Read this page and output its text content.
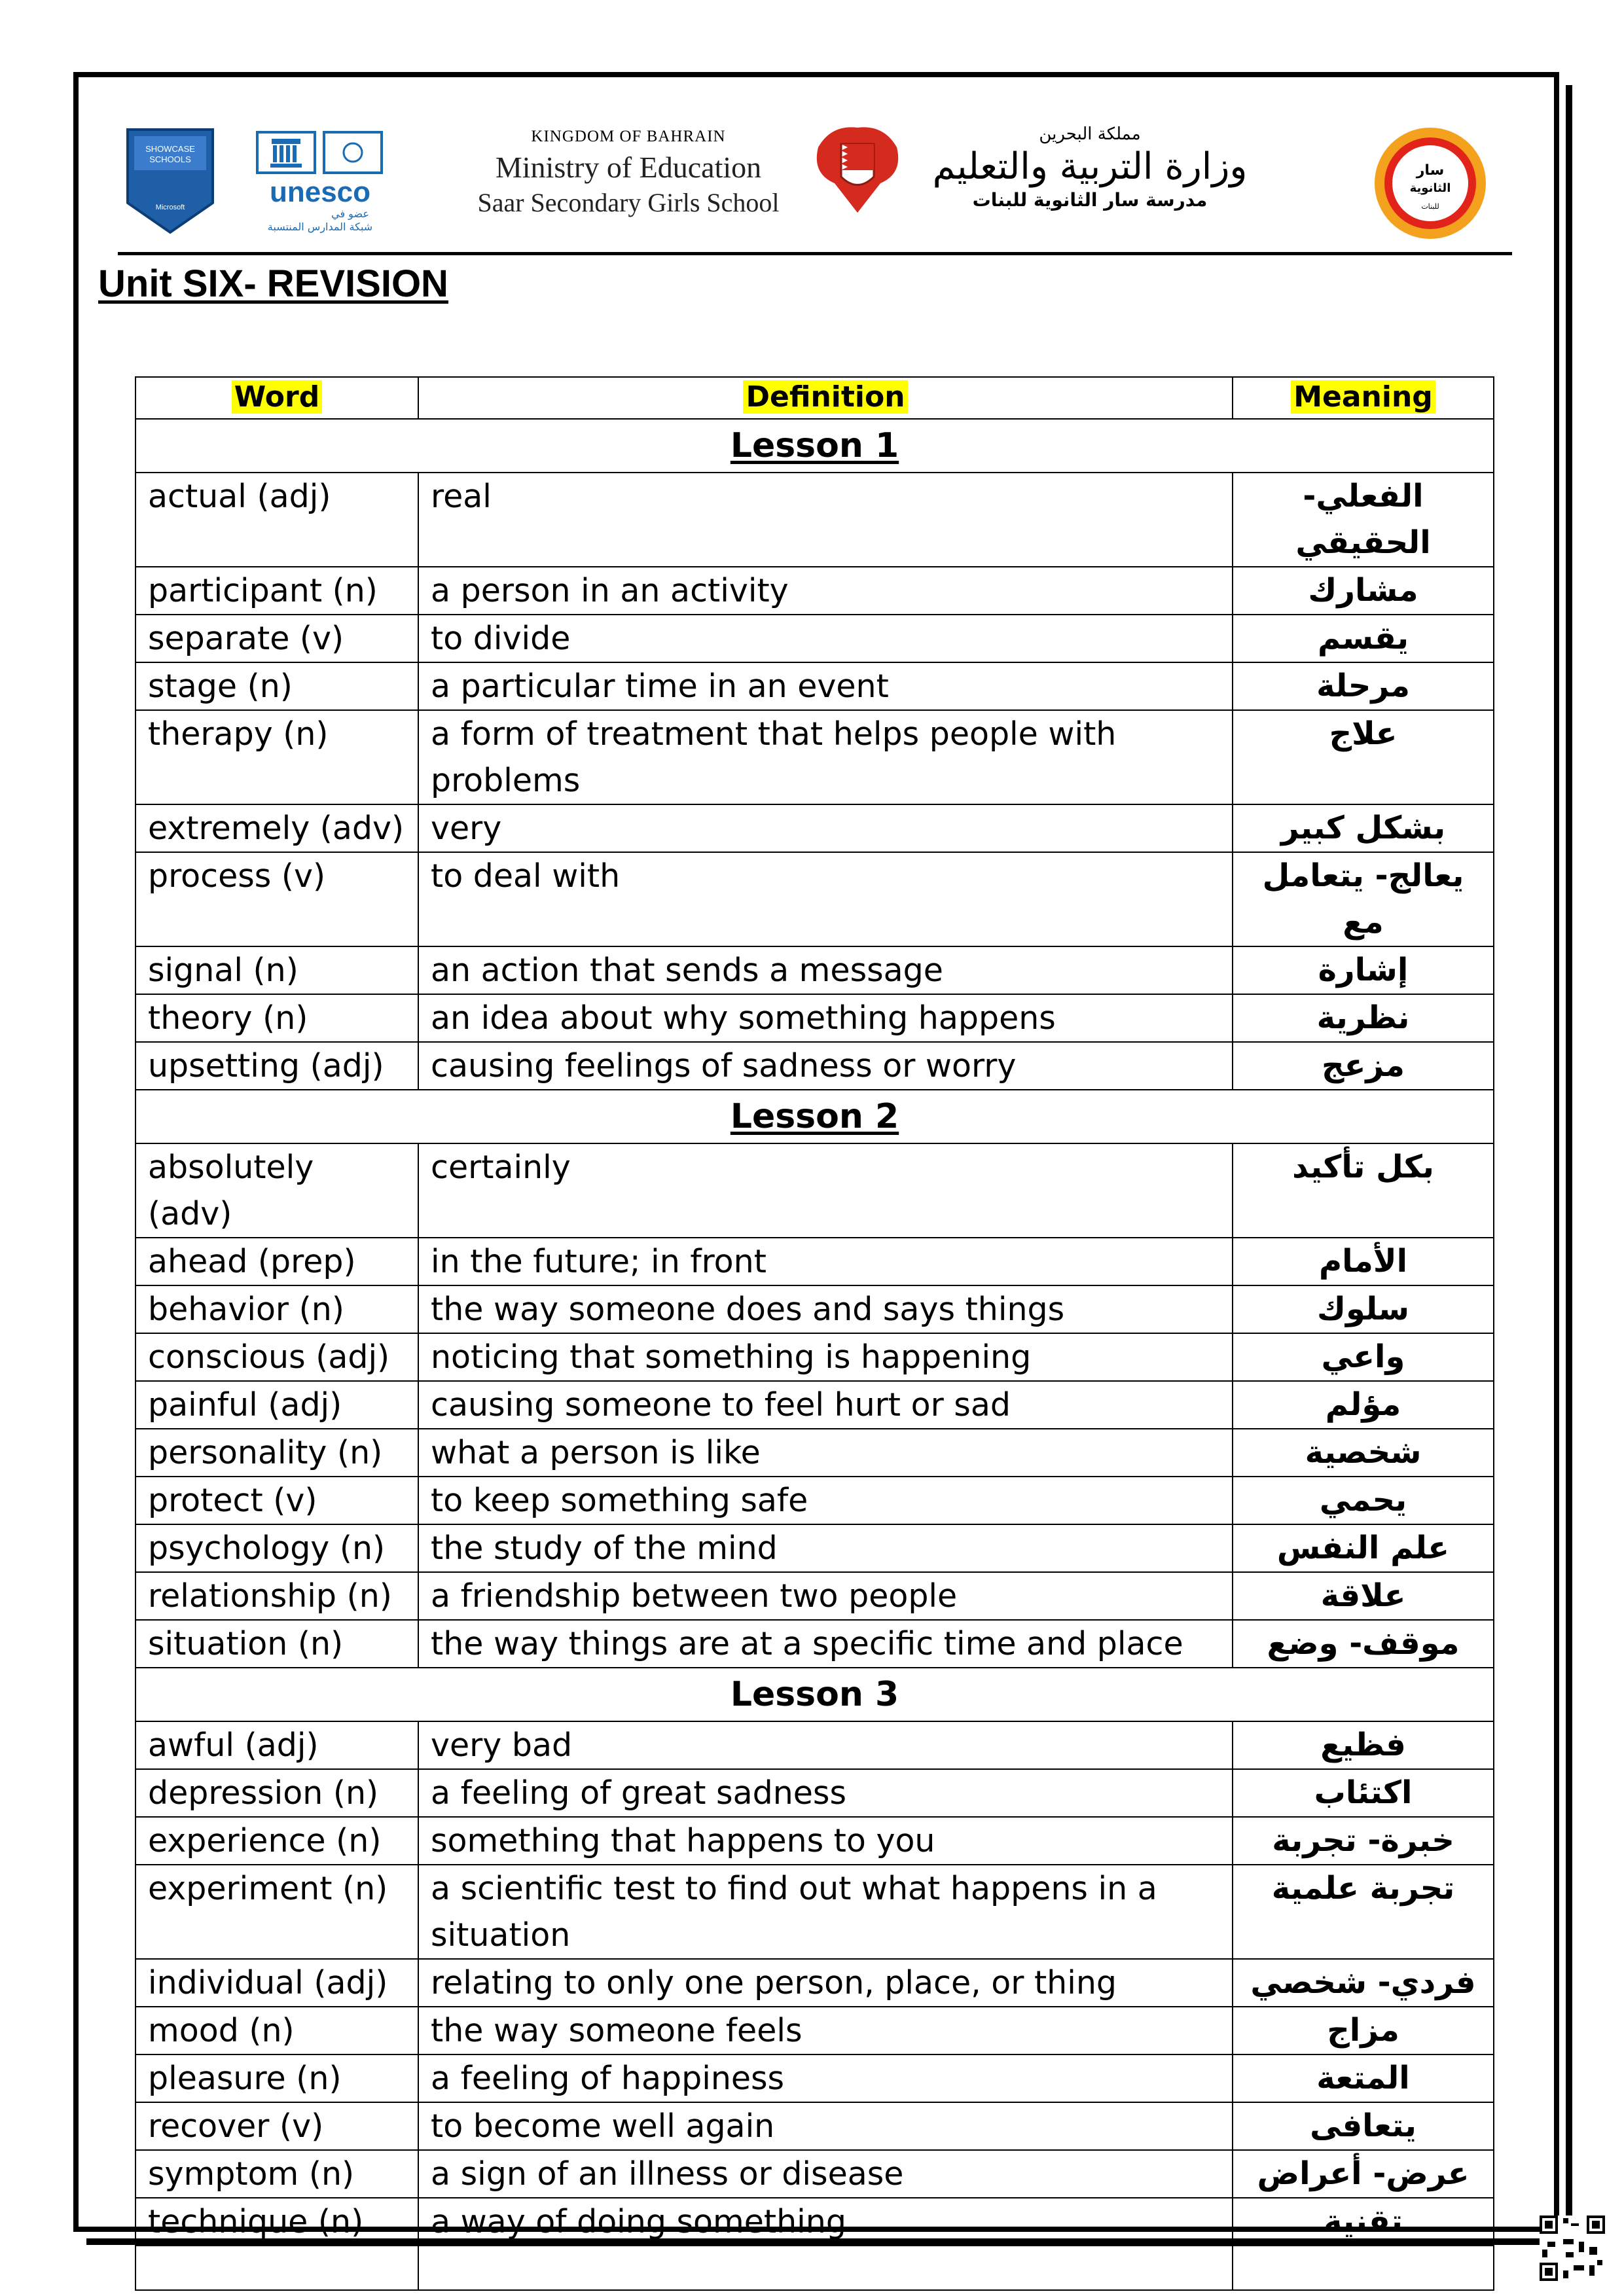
SHOWCASE
SCHOOLS
Microsoft	unesco
عضو في
شبكة المدارس المنتسبة
KINGDOM OF BAHRAIN
Ministry of Education
Saar Secondary Girls School
مملكة البحرين
وزارة التربية والتعليم
مدرسة سار الثانوية للبنات
سار
الثانوية
للبنات
Unit SIX- REVISION
Word	Definition	Meaning
Lesson 1		
actual (adj)	real	الفعلي- الحقيقي
participant (n)	a person in an activity	مشارك
separate (v)	to divide	يقسم
stage (n)	a particular time in an event	مرحلة
therapy (n)	a form of treatment that helps people with problems	علاج
extremely (adv)	very	بشكل كبير
process (v)	to deal with	يعالج- يتعامل مع
signal (n)	an action that sends a message	إشارة
theory (n)	an idea about why something happens	نظرية
upsetting (adj)	causing feelings of sadness or worry	مزعج
Lesson 2		
absolutely (adv)	certainly	بكل تأكيد
ahead (prep)	in the future; in front	الأمام
behavior (n)	the way someone does and says things	سلوك
conscious (adj)	noticing that something is happening	واعي
painful (adj)	causing someone to feel hurt or sad	مؤلم
personality (n)	what a person is like	شخصية
protect (v)	to keep something safe	يحمي
psychology (n)	the study of the mind	علم النفس
relationship (n)	a friendship between two people	علاقة
situation (n)	the way things are at a specific time and place	موقف- وضع
Lesson 3		
awful (adj)	very bad	فظيع
depression (n)	a feeling of great sadness	اكتئاب
experience (n)	something that happens to you	خبرة- تجربة
experiment (n)	a scientific test to find out what happens in a situation	تجربة علمية
individual (adj)	relating to only one person, place, or thing	فردي- شخصي
mood (n)	the way someone feels	مزاج
pleasure (n)	a feeling of happiness	المتعة
recover (v)	to become well again	يتعافى
symptom (n)	a sign of an illness or disease	عرض- أعراض
technique (n)	a way of doing something	تقنية
